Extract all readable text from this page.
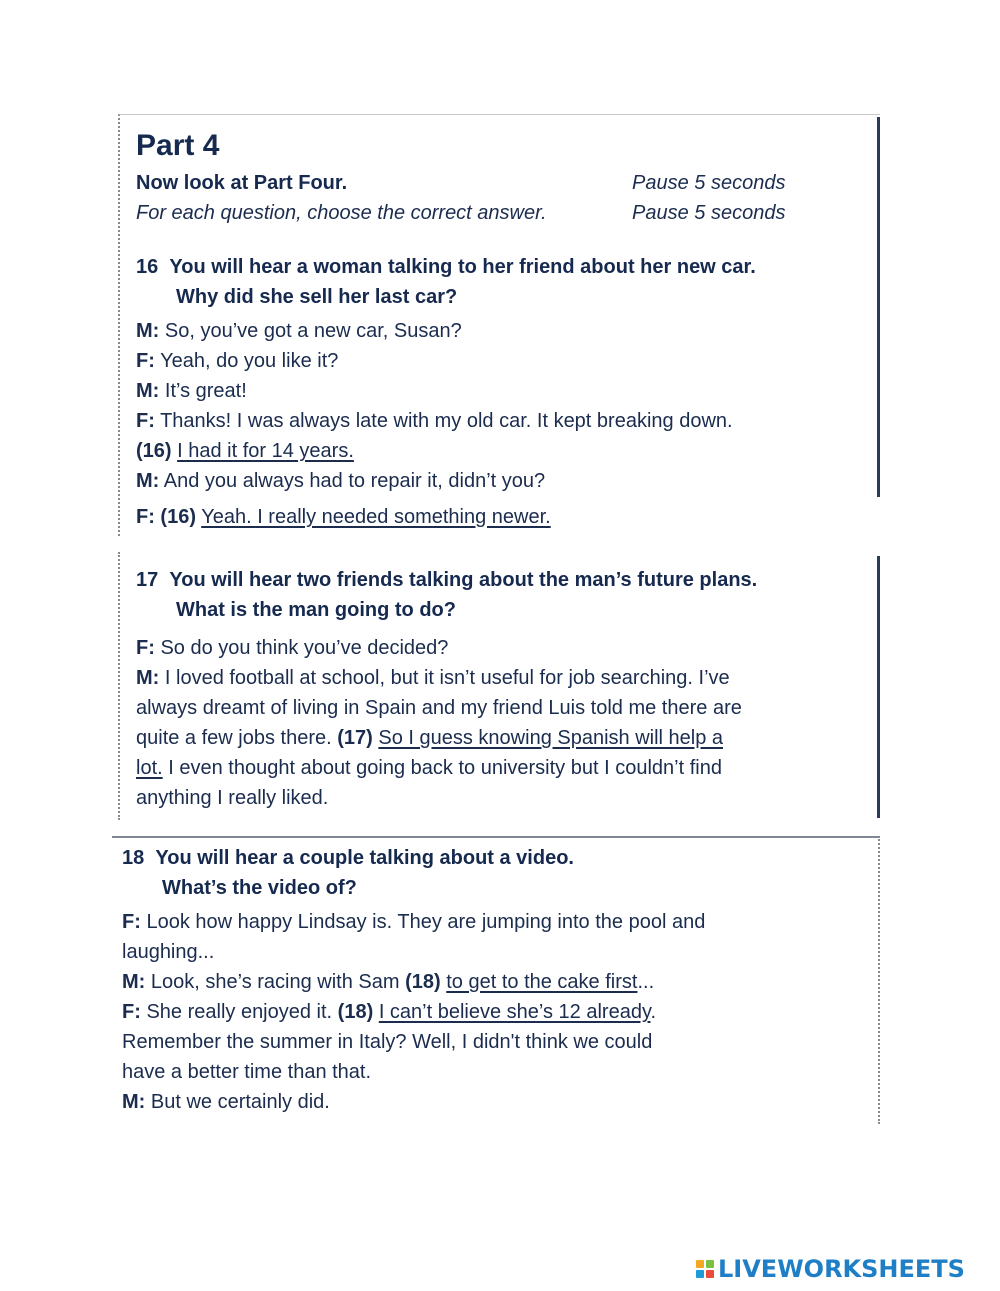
Part 4
Now look at Part Four.	Pause 5 seconds
For each question, choose the correct answer.	Pause 5 seconds
16 You will hear a woman talking to her friend about her new car.
Why did she sell her last car?
M: So, you’ve got a new car, Susan?
F: Yeah, do you like it?
M: It’s great!
F: Thanks! I was always late with my old car. It kept breaking down.
(16) I had it for 14 years.
M: And you always had to repair it, didn’t you?
F: (16) Yeah. I really needed something newer.
17 You will hear two friends talking about the man’s future plans.
What is the man going to do?
F: So do you think you’ve decided?
M: I loved football at school, but it isn’t useful for job searching. I’ve
always dreamt of living in Spain and my friend Luis told me there are
quite a few jobs there. (17) So I guess knowing Spanish will help a
lot. I even thought about going back to university but I couldn’t find
anything I really liked.
18 You will hear a couple talking about a video.
What’s the video of?
F: Look how happy Lindsay is. They are jumping into the pool and
laughing...
M: Look, she’s racing with Sam (18) to get to the cake first...
F: She really enjoyed it. (18) I can’t believe she’s 12 already.
Remember the summer in Italy? Well, I didn't think we could
have a better time than that.
M: But we certainly did.
LIVEWORKSHEETS
